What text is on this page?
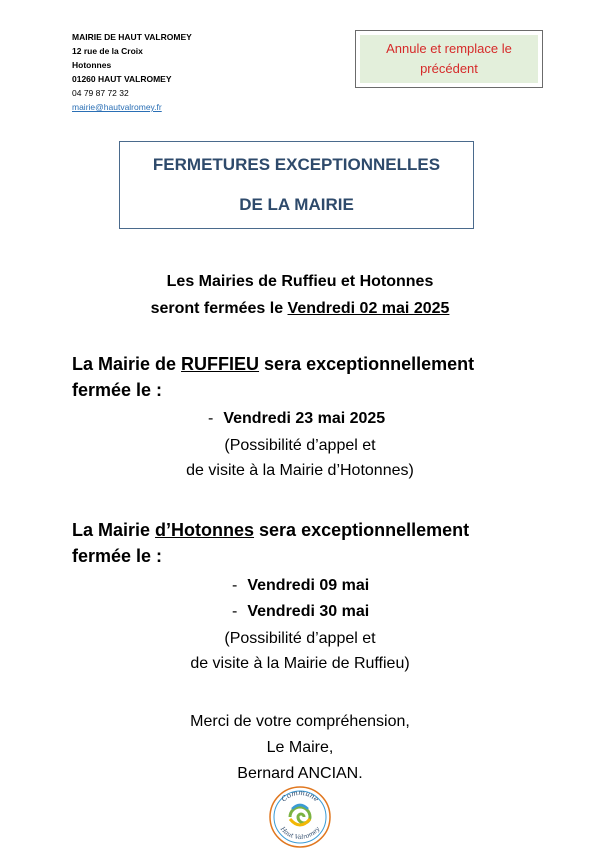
MAIRIE DE HAUT VALROMEY
12 rue de la Croix
Hotonnes
01260 HAUT VALROMEY
04 79 87 72 32
mairie@hautvalromey.fr
Annule et remplace le
précédent
FERMETURES EXCEPTIONNELLES
DE LA MAIRIE
Les Mairies de Ruffieu et Hotonnes
seront fermées le Vendredi 02 mai 2025
La Mairie de RUFFIEU sera exceptionnellement
fermée le :
- Vendredi 23 mai 2025
(Possibilité d’appel et
de visite à la Mairie d’Hotonnes)
La Mairie d’Hotonnes sera exceptionnellement
fermée le :
- Vendredi 09 mai
- Vendredi 30 mai
(Possibilité d’appel et
de visite à la Mairie de Ruffieu)
Merci de votre compréhension,
Le Maire,
Bernard ANCIAN.
Commune
Haut Valromey
